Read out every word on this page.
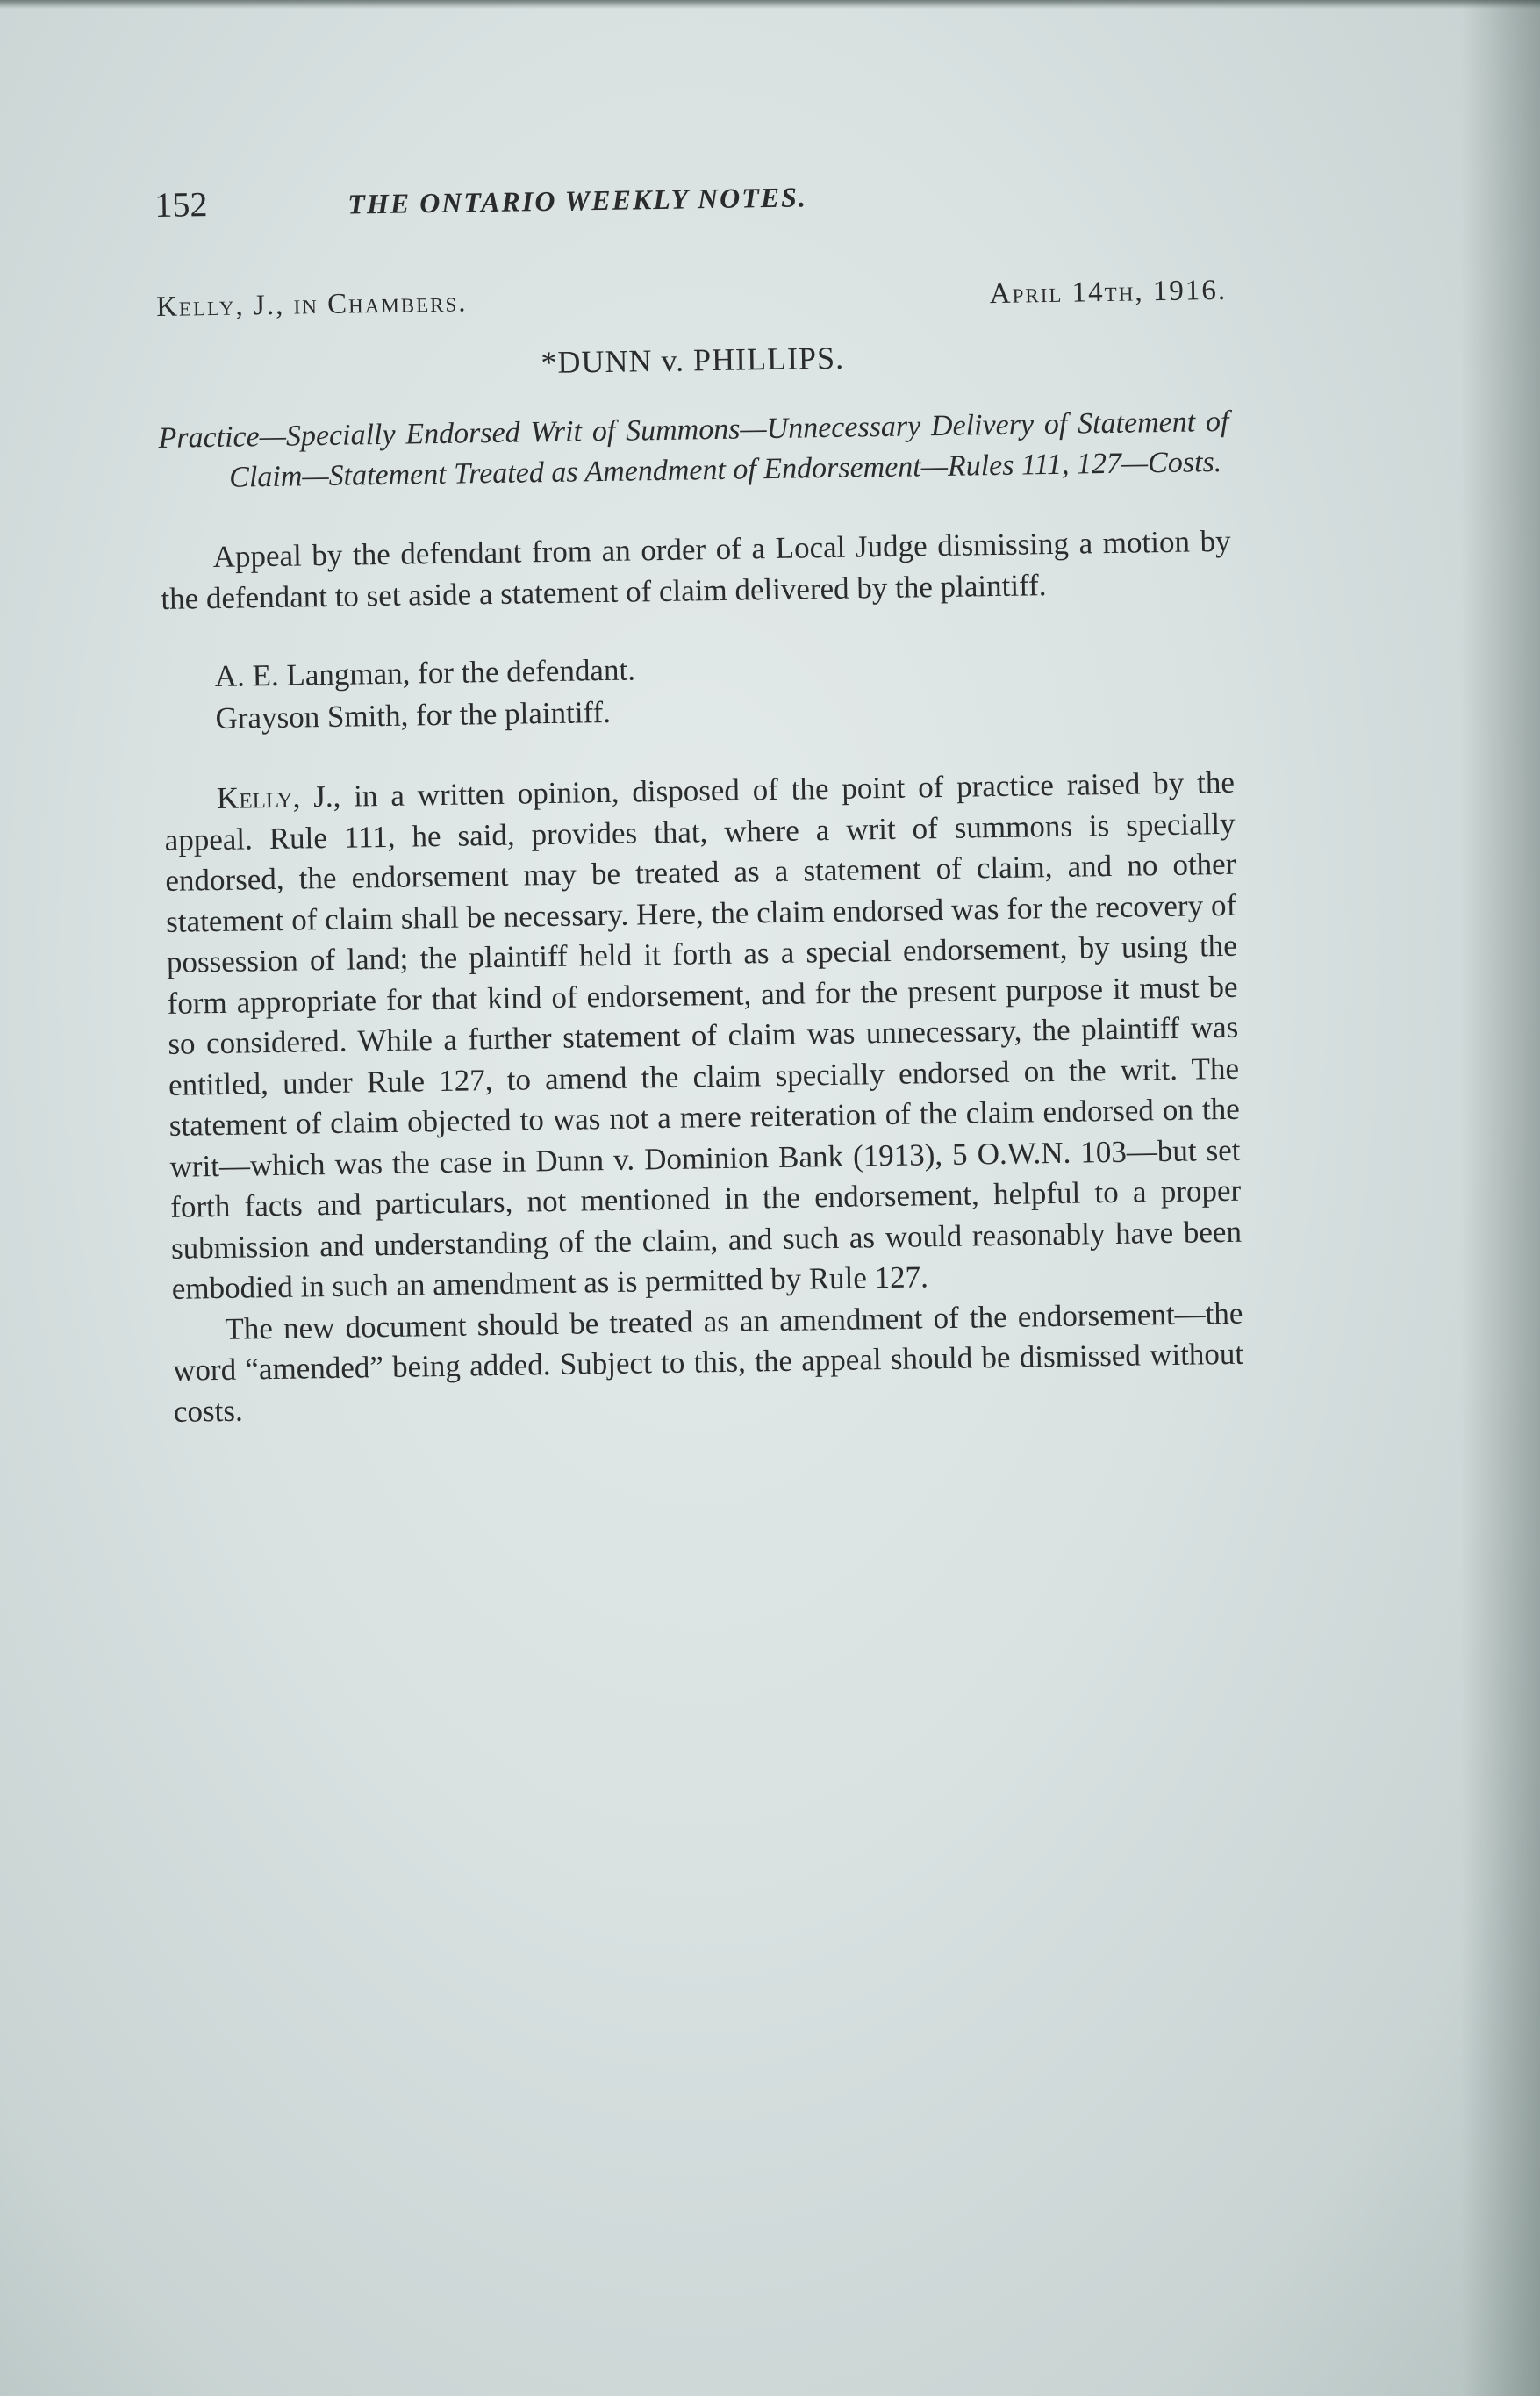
152	THE ONTARIO WEEKLY NOTES.
Kelly, J., in Chambers.	April 14th, 1916.
*DUNN v. PHILLIPS.
Practice—Specially Endorsed Writ of Summons—Unnecessary Delivery of Statement of Claim—Statement Treated as Amendment of Endorsement—Rules 111, 127—Costs.

Appeal by the defendant from an order of a Local Judge dismissing a motion by the defendant to set aside a statement of claim delivered by the plaintiff.

A. E. Langman, for the defendant.
Grayson Smith, for the plaintiff.

Kelly, J., in a written opinion, disposed of the point of practice raised by the appeal. Rule 111, he said, provides that, where a writ of summons is specially endorsed, the endorsement may be treated as a statement of claim, and no other statement of claim shall be necessary. Here, the claim endorsed was for the recovery of possession of land; the plaintiff held it forth as a special endorsement, by using the form appropriate for that kind of endorsement, and for the present purpose it must be so considered. While a further statement of claim was unnecessary, the plaintiff was entitled, under Rule 127, to amend the claim specially endorsed on the writ. The statement of claim objected to was not a mere reiteration of the claim endorsed on the writ—which was the case in Dunn v. Dominion Bank (1913), 5 O.W.N. 103—but set forth facts and particulars, not mentioned in the endorsement, helpful to a proper submission and understanding of the claim, and such as would reasonably have been embodied in such an amendment as is permitted by Rule 127.

The new document should be treated as an amendment of the endorsement—the word “amended” being added. Subject to this, the appeal should be dismissed without costs.
